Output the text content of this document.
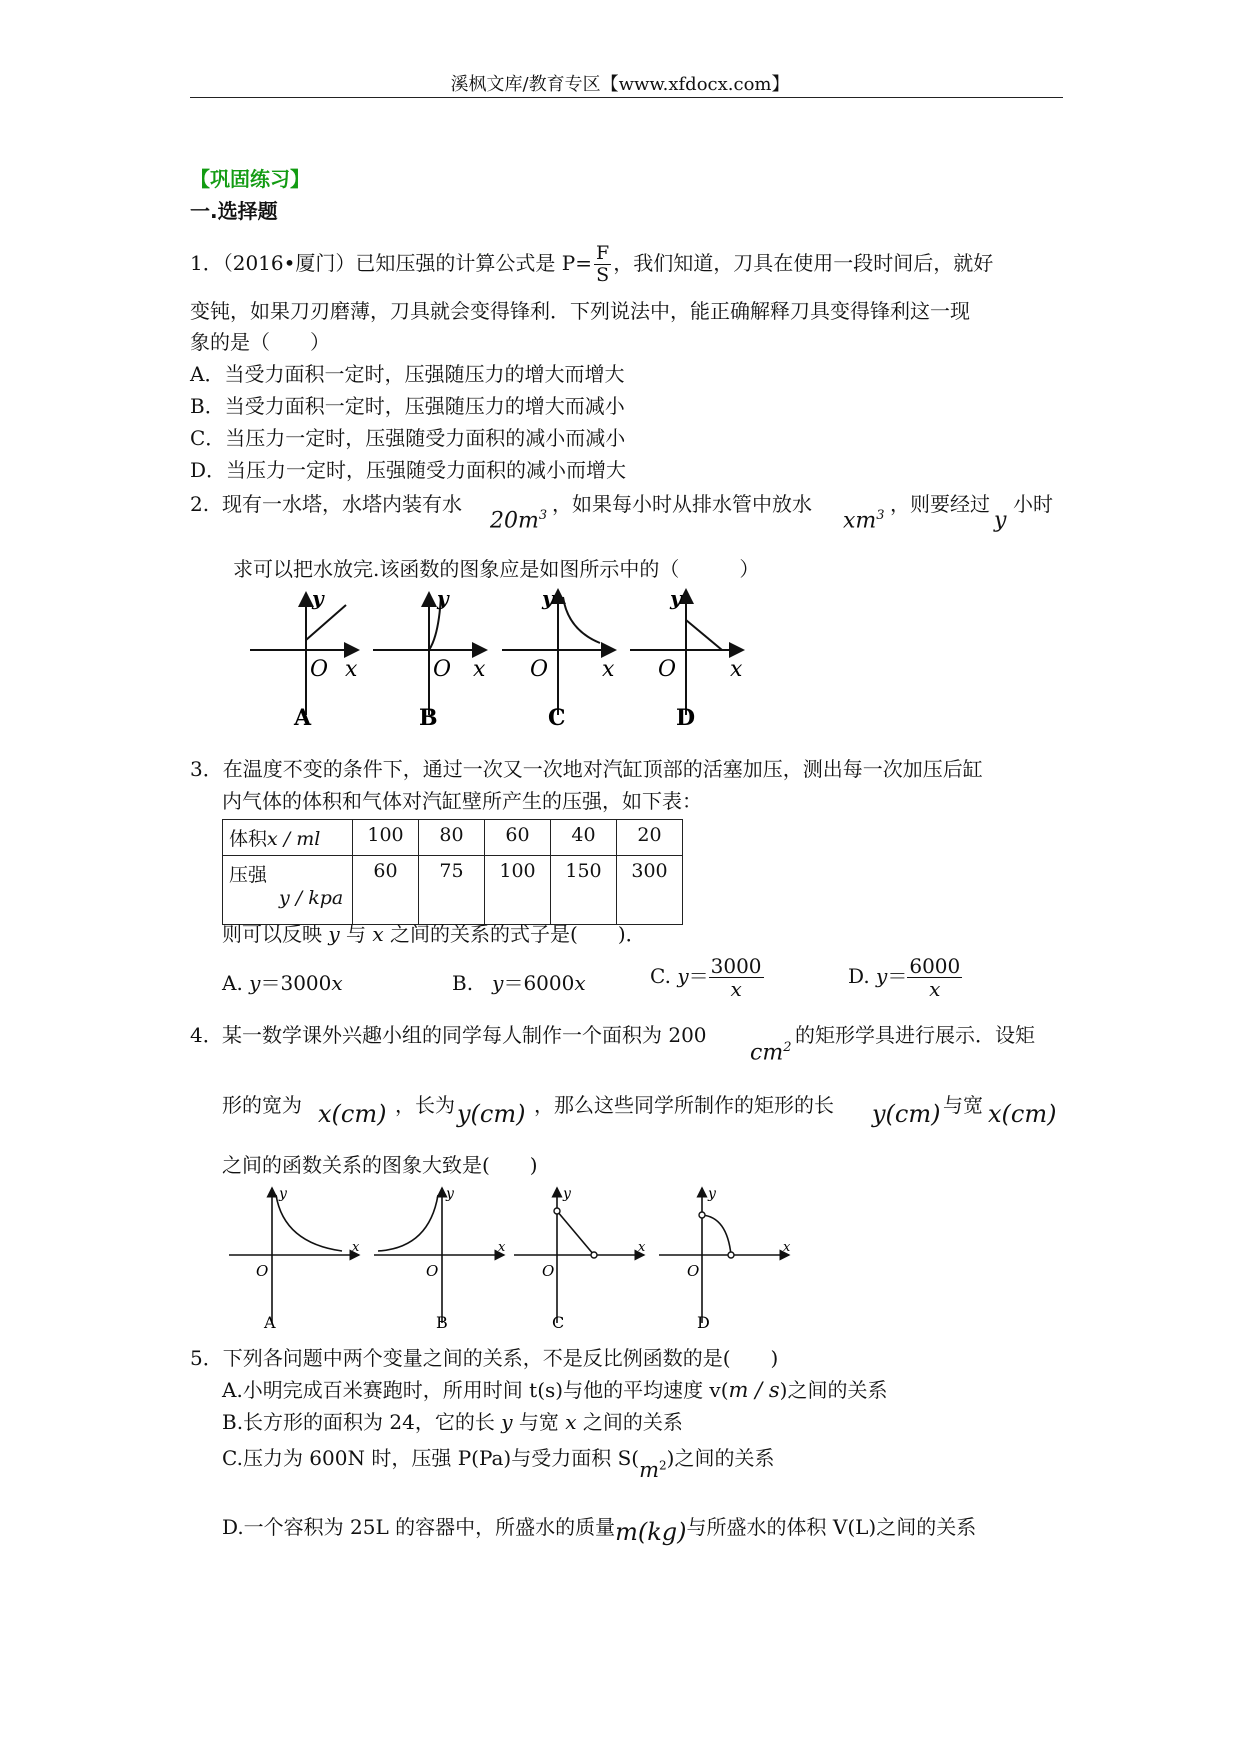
溪枫文库/教育专区【www.xfdocx.com】
【巩固练习】
一.选择题
1．（2016•厦门）已知压强的计算公式是 $P= \frac{F}{S}$ ，我们知道，刀具在使用一段时间后，就好
变钝，如果刀刃磨薄，刀具就会变得锋利．下列说法中，能正确解释刀具变得锋利这一现
象的是（　　）
A．当受力面积一定时，压强随压力的增大而增大
B．当受力面积一定时，压强随压力的增大而减小
C．当压力一定时，压强随受力面积的减小而减小
D．当压力一定时，压强随受力面积的减小而增大
2. 现有一水塔，水塔内装有水
$20m^3$ ，如果每小时从排水管中放水
$xm^3$ ，则要经过
y
小时
求可以把水放完.该函数的图象应是如图所示中的（　　　）
y
O x
A
y
O x
B
y
O x
C
y
O x
D
3．在温度不变的条件下，通过一次又一次地对汽缸顶部的活塞加压，测出每一次加压后缸
内气体的体积和气体对汽缸壁所产生的压强，如下表：
体积x / ml	100	80	60	40	20
压强
y / kpa	60	75	100	150	300
则可以反映 y 与 x 之间的关系的式子是(　　)．
A. y＝3000x	B. y＝6000x	C. $y= \frac{3000}{x}$	D. $y= \frac{6000}{x}$
4． 某一数学课外兴趣小组的同学每人制作一个面积为 200
$cm^2$
的矩形学具进行展示．设矩
形的宽为 x(cm) ，长为 y(cm) ，那么这些同学所制作的矩形的长 y(cm) 与宽 x(cm)
之间的函数关系的图象大致是(　　)
y
O
x
A
y
O
x
B
y
O
x
C
y
O
x
D
5．下列各问题中两个变量之间的关系，不是反比例函数的是(　　)
A.小明完成百米赛跑时，所用时间 t(s)与他的平均速度 v(m / s)之间的关系
B.长方形的面积为 24，它的长 y 与宽 x 之间的关系
C.压力为 600N 时，压强 P(Pa)与受力面积 $S(m^2)$之间的关系
D.一个容积为 25L 的容器中，所盛水的质量m(kg)与所盛水的体积 V(L)之间的关系
